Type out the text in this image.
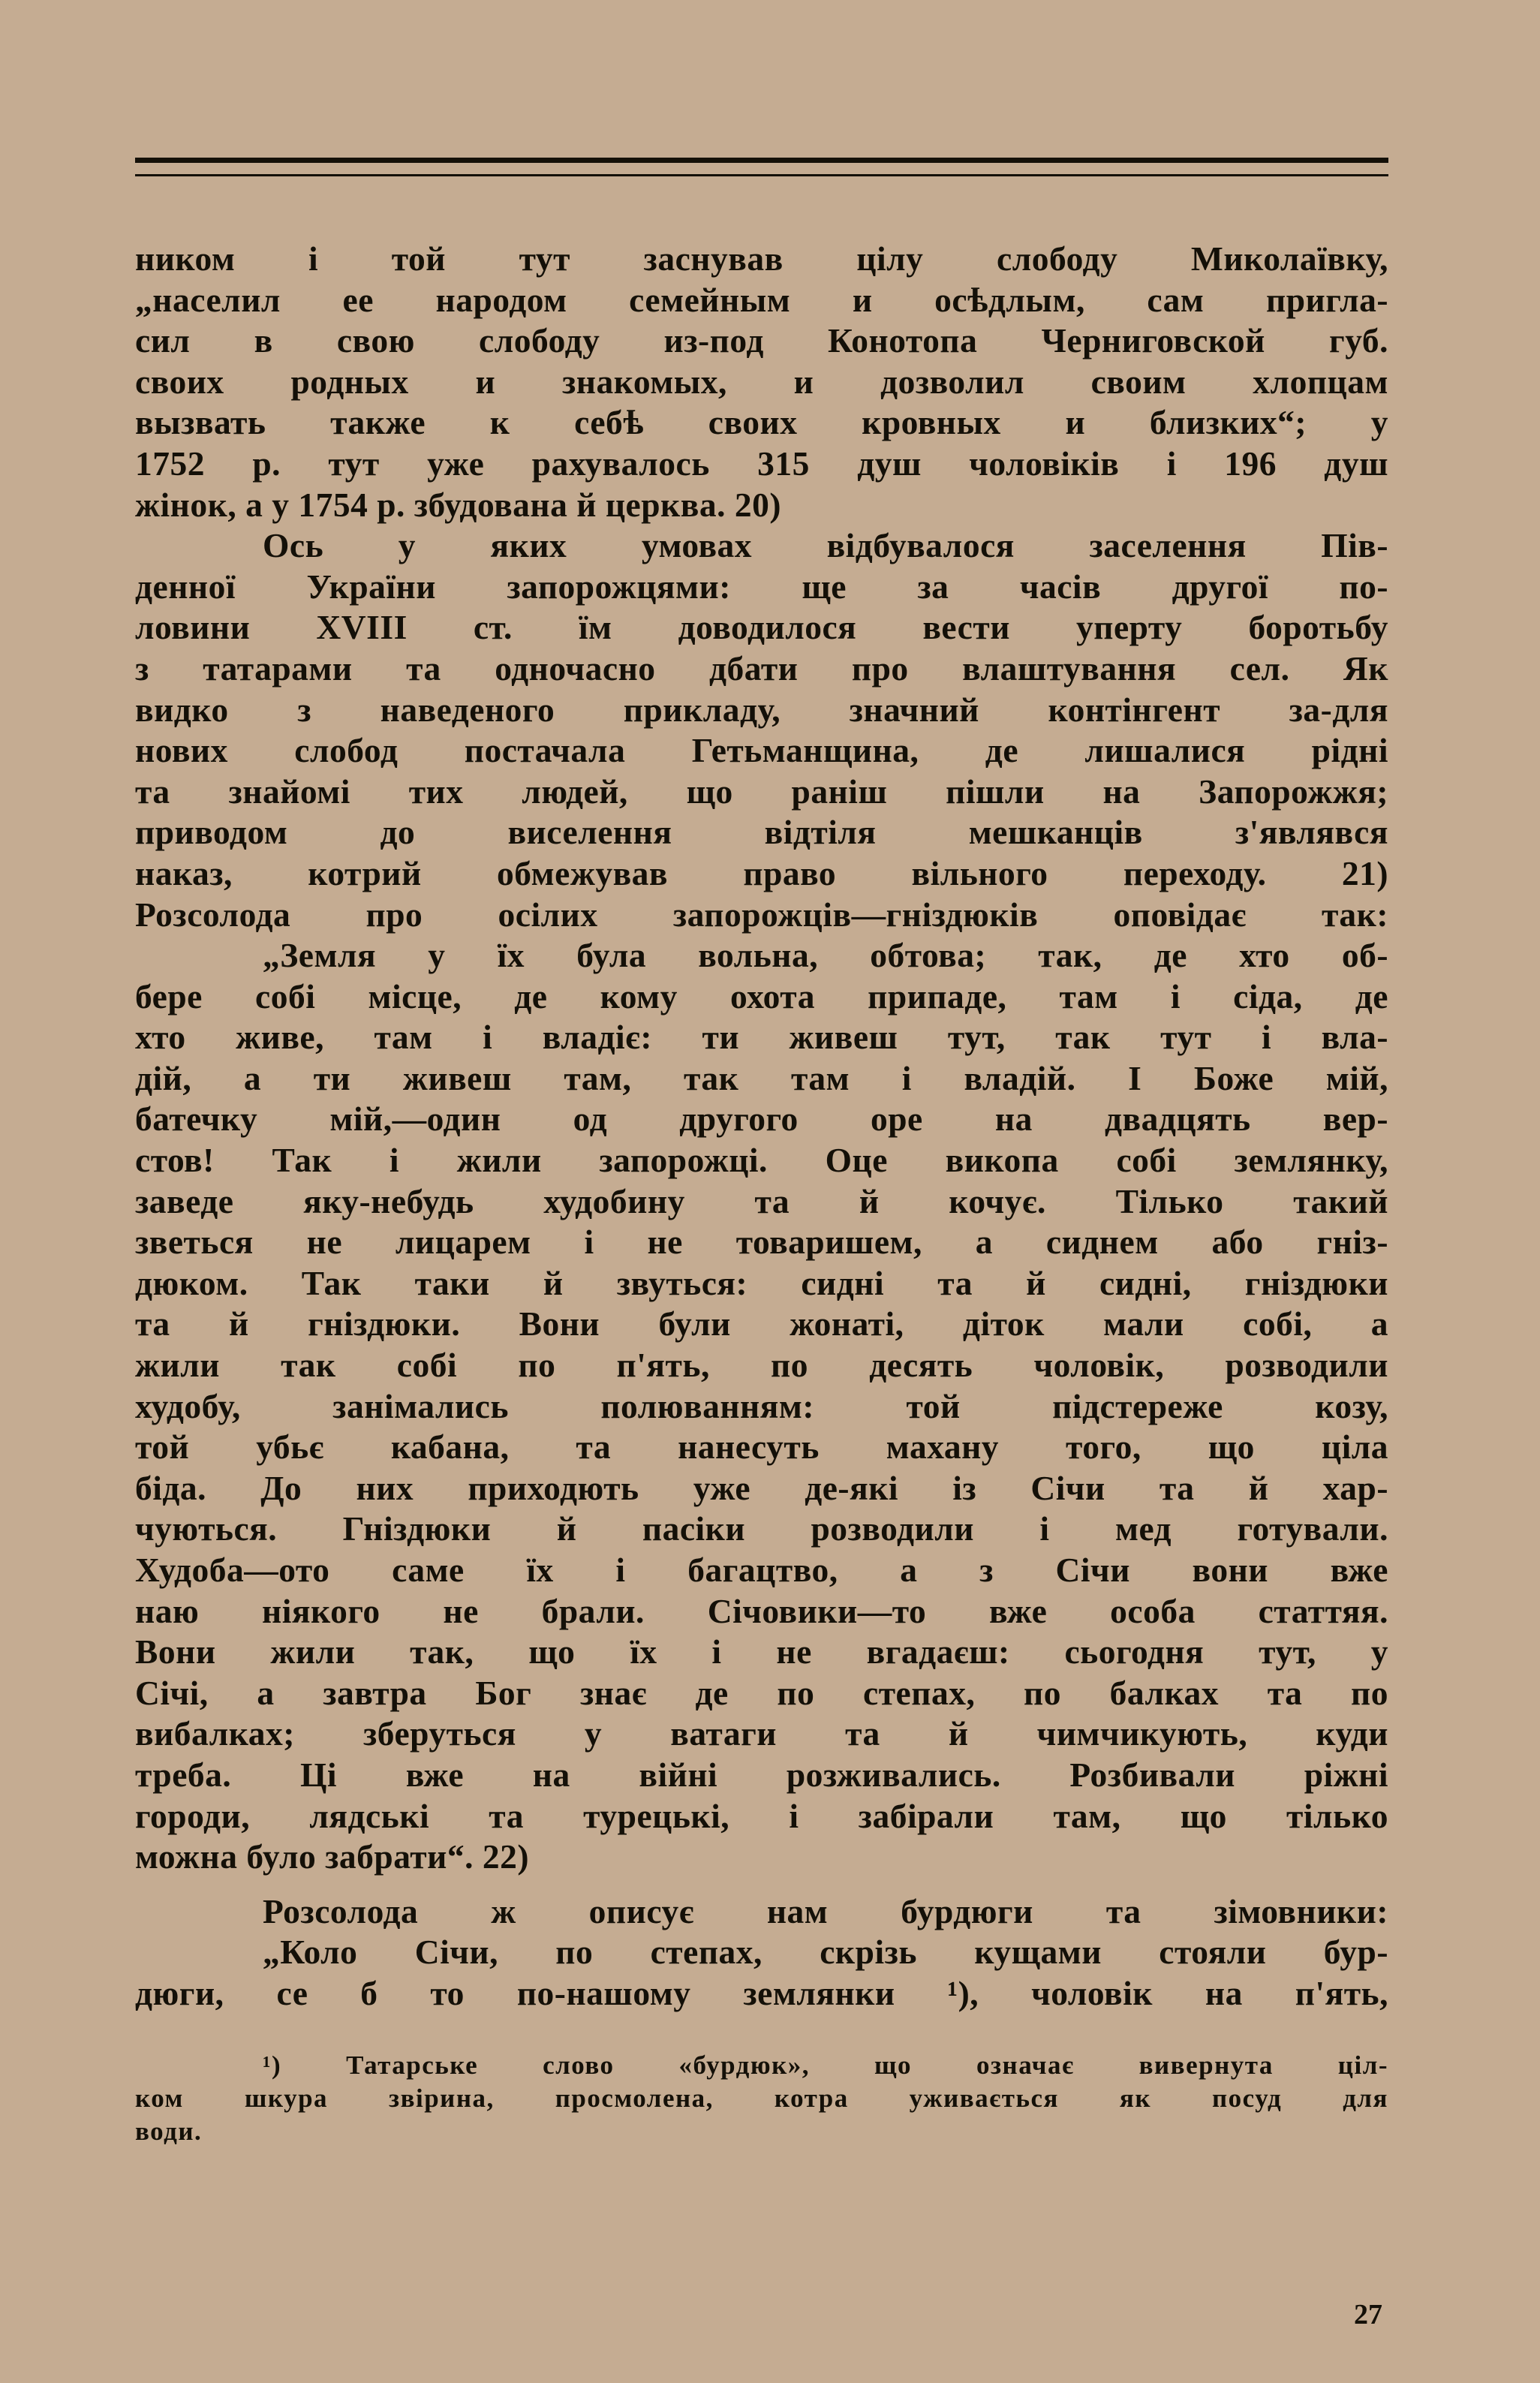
ником і той тут заснував цілу слободу Миколаївку,
„населил ее народом семейным и осѣдлым, сам пригла-
сил в свою слободу из-под Конотопа Черниговской губ.
своих родных и знакомых, и дозволил своим хлопцам
вызвать также к себѣ своих кровных и близких“; у
1752 р. тут уже рахувалось 315 душ чоловіків і 196 душ
жінок, а у 1754 р. збудована й церква. 20)
Ось у яких умовах відбувалося заселення Пів-
денної України запорожцями: ще за часів другої по-
ловини XVIII ст. їм доводилося вести уперту боротьбу
з татарами та одночасно дбати про влаштування сел. Як
видко з наведеного прикладу, значний контінгент за-для
нових слобод постачала Гетьманщина, де лишалися рідні
та знайомі тих людей, що раніш пішли на Запорожжя;
приводом до виселення відтіля мешканців з'являвся
наказ, котрий обмежував право вільного переходу. 21)
Розсолода про осілих запорожців—гніздюків оповідає так:
„Земля у їх була вольна, обтова; так, де хто об-
бере собі місце, де кому охота припаде, там і сіда, де
хто живе, там і владіє: ти живеш тут, так тут і вла-
дій, а ти живеш там, так там і владій. І Боже мій,
батечку мій,—один од другого оре на двадцять вер-
стов! Так і жили запорожці. Оце викопа собі землянку,
заведе яку-небудь худобину та й кочує. Тілько такий
зветься не лицарем і не товаришем, а сиднем або гніз-
дюком. Так таки й звуться: сидні та й сидні, гніздюки
та й гніздюки. Вони були жонаті, діток мали собі, а
жили так собі по п'ять, по десять чоловік, розводили
худобу, занімались полюванням: той підстереже козу,
той убьє кабана, та нанесуть махану того, що ціла
біда. До них приходють уже де-які із Січи та й хар-
чуються. Гніздюки й пасіки розводили і мед готували.
Худоба—ото саме їх і багацтво, а з Січи вони вже
наю ніякого не брали. Січовики—то вже особа статтяя.
Вони жили так, що їх і не вгадаєш: сьогодня тут, у
Січі, а завтра Бог знає де по степах, по балках та по
вибалках; зберуться у ватаги та й чимчикують, куди
треба. Ці вже на війні розживались. Розбивали ріжні
городи, лядські та турецькі, і забірали там, що тілько
можна було забрати“. 22)
Розсолода ж описує нам бурдюги та зімовники:
„Коло Січи, по степах, скрізь кущами стояли бур-
дюги, се б то по-нашому землянки ¹), чоловік на п'ять,
¹) Татарське слово «бурдюк», що означає вивернута ціл-
ком шкура звірина, просмолена, котра уживається як посуд для
води.
27
